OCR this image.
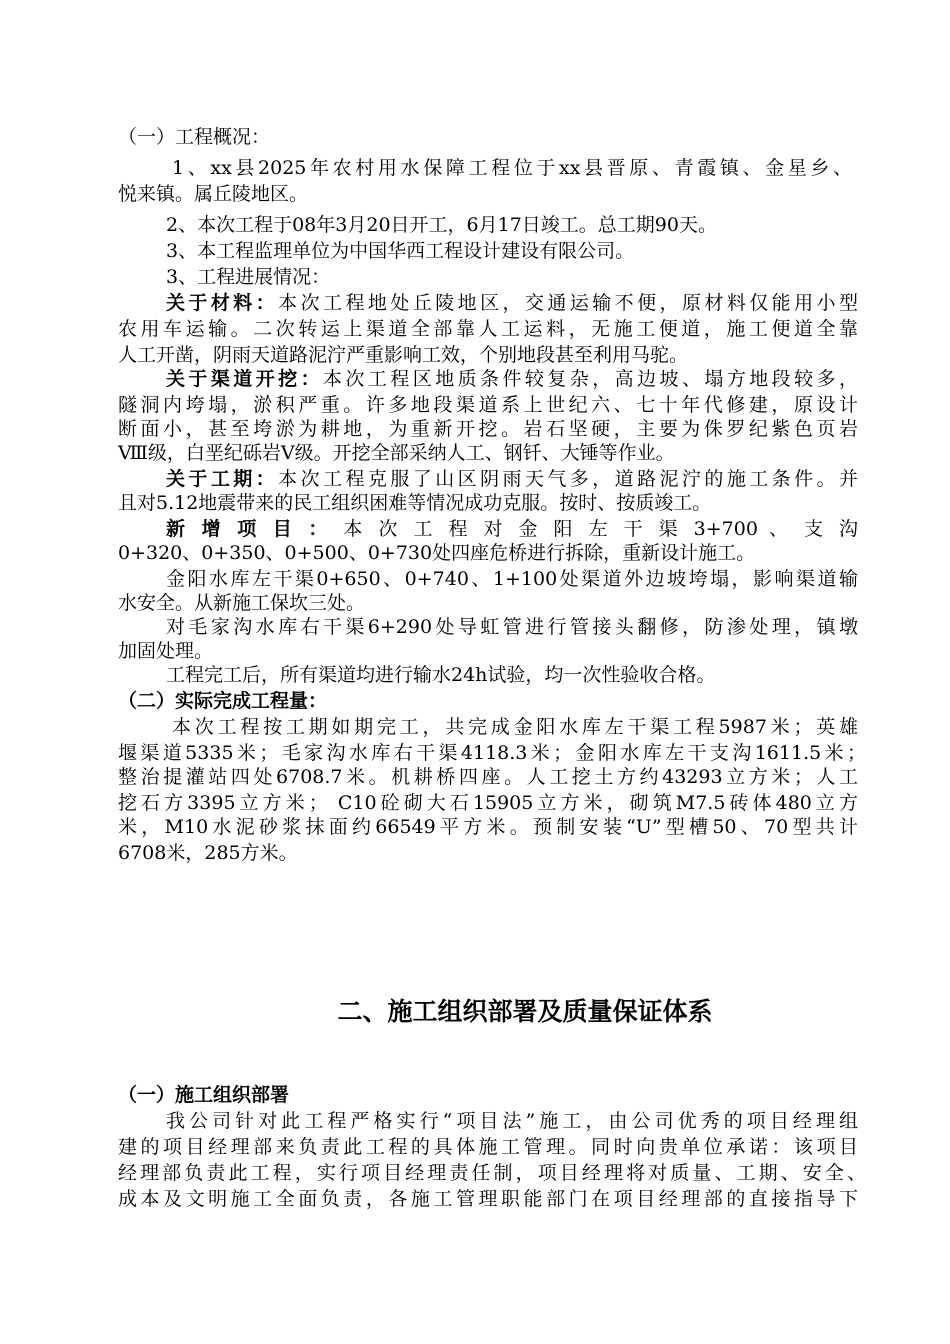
（一）工程概况：
1、xx县2025年农村用水保障工程位于xx县晋原、青霞镇、金星乡、
悦来镇。属丘陵地区。
2、本次工程于08年3月20日开工，6月17日竣工。总工期90天。
3、本工程监理单位为中国华西工程设计建设有限公司。
3、工程进展情况：
关于材料：本次工程地处丘陵地区，交通运输不便，原材料仅能用小型
农用车运输。二次转运上渠道全部靠人工运料，无施工便道，施工便道全靠
人工开凿，阴雨天道路泥泞严重影响工效，个别地段甚至利用马驼。
关于渠道开挖：本次工程区地质条件较复杂，高边坡、塌方地段较多，
隧洞内垮塌，淤积严重。许多地段渠道系上世纪六、七十年代修建，原设计
断面小，甚至垮淤为耕地，为重新开挖。岩石坚硬，主要为侏罗纪紫色页岩
Ⅷ级，白垩纪砾岩Ⅴ级。开挖全部采纳人工、钢钎、大锤等作业。
关于工期：本次工程克服了山区阴雨天气多，道路泥泞的施工条件。并
且对5.12地震带来的民工组织困难等情况成功克服。按时、按质竣工。
新 增 项 目 ： 本 次 工 程 对 金 阳 左 干 渠 3+700 、 支 沟
0+320、0+350、0+500、0+730处四座危桥进行拆除，重新设计施工。
金阳水库左干渠0+650、0+740、1+100处渠道外边坡垮塌，影响渠道输
水安全。从新施工保坎三处。
对毛家沟水库右干渠6+290处导虹管进行管接头翻修，防渗处理，镇墩
加固处理。
工程完工后，所有渠道均进行输水24h试验，均一次性验收合格。
（二）实际完成工程量：
本次工程按工期如期完工，共完成金阳水库左干渠工程5987米；英雄
堰渠道5335米；毛家沟水库右干渠4118.3米；金阳水库左干支沟1611.5米；
整治提灌站四处6708.7米。机耕桥四座。人工挖土方约43293立方米；人工
挖石方3395立方米； C10砼砌大石15905立方米，砌筑M7.5砖体480立方
米，M10水泥砂浆抹面约66549平方米。预制安装“U”型槽50、70型共计
6708米，285方米。
二、施工组织部署及质量保证体系
（一）施工组织部署
我公司针对此工程严格实行“项目法”施工，由公司优秀的项目经理组
建的项目经理部来负责此工程的具体施工管理。同时向贵单位承诺：该项目
经理部负责此工程，实行项目经理责任制，项目经理将对质量、工期、安全、
成本及文明施工全面负责，各施工管理职能部门在项目经理部的直接指导下
